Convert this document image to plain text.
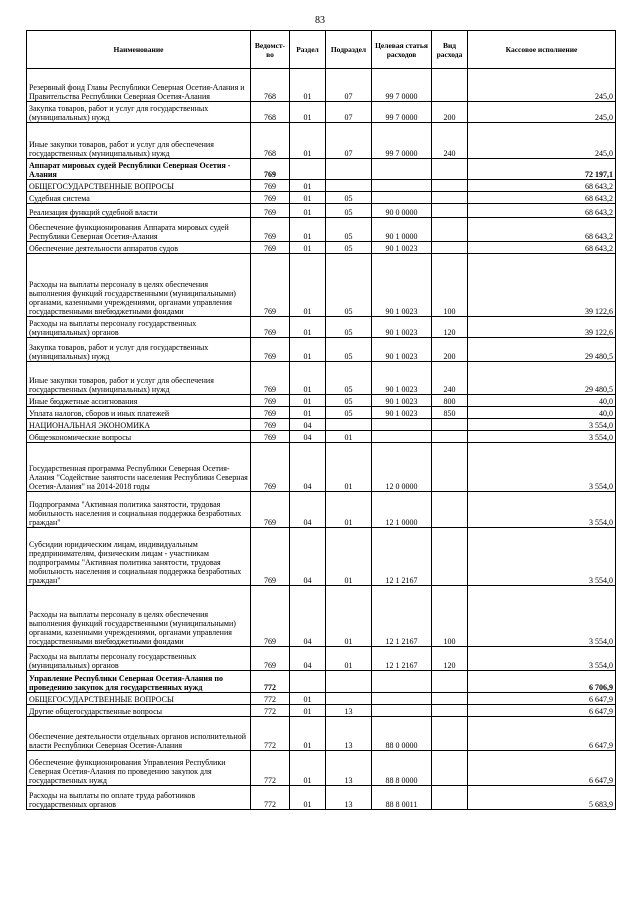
83
Наименование	Ведомст-во	Раздел	Подраздел	Целевая статья расходов	Вид расхода	Кассовое исполнение
Резервный фонд Главы Республики Северная Осетия-Алания и Правительства Республики Северная Осетия-Алания	768	01	07	99 7 0000		245,0
Закупка товаров, работ и услуг для государственных (муниципальных) нужд	768	01	07	99 7 0000	200	245,0
Иные закупки товаров, работ и услуг для обеспечения государственных (муниципальных) нужд	768	01	07	99 7 0000	240	245,0
Аппарат мировых судей Республики Северная Осетия - Алания	769					72 197,1
ОБЩЕГОСУДАРСТВЕННЫЕ ВОПРОСЫ	769	01				68 643,2
Судебная система	769	01	05			68 643,2
Реализация функций судебной власти	769	01	05	90 0 0000		68 643,2
Обеспечение функционирования Аппарата мировых судей Республики Северная Осетия-Алания	769	01	05	90 1 0000		68 643,2
Обеспечение деятельности аппаратов судов	769	01	05	90 1 0023		68 643,2
Расходы на выплаты персоналу в целях обеспечения выполнения функций государственными (муниципальными) органами, казенными учреждениями, органами управления государственными внебюджетными фондами	769	01	05	90 1 0023	100	39 122,6
Расходы на выплаты персоналу государственных (муниципальных) органов	769	01	05	90 1 0023	120	39 122,6
Закупка товаров, работ и услуг для государственных (муниципальных) нужд	769	01	05	90 1 0023	200	29 480,5
Иные закупки товаров, работ и услуг для обеспечения государственных (муниципальных) нужд	769	01	05	90 1 0023	240	29 480,5
Иные бюджетные ассигнования	769	01	05	90 1 0023	800	40,0
Уплата налогов, сборов и иных платежей	769	01	05	90 1 0023	850	40,0
НАЦИОНАЛЬНАЯ ЭКОНОМИКА	769	04				3 554,0
Общеэкономические вопросы	769	04	01			3 554,0
Государственная программа Республики Северная Осетия-Алания "Содействие занятости населения Республики Северная Осетия-Алания" на 2014-2018 годы	769	04	01	12 0 0000		3 554,0
Подпрограмма "Активная политика занятости, трудовая мобильность населения и социальная поддержка безработных граждан"	769	04	01	12 1 0000		3 554,0
Субсидии юридическим лицам, индивидуальным предпринимателям, физическим лицам - участникам подпрограммы "Активная политика занятости, трудовая мобильность населения и социальная поддержка безработных граждан"	769	04	01	12 1 2167		3 554,0
Расходы на выплаты персоналу в целях обеспечения выполнения функций государственными (муниципальными) органами, казенными учреждениями, органами управления государственными внебюджетными фондами	769	04	01	12 1 2167	100	3 554,0
Расходы на выплаты персоналу государственных (муниципальных) органов	769	04	01	12 1 2167	120	3 554,0
Управление Республики Северная Осетия-Алания по проведению закупок для государственных нужд	772					6 706,9
ОБЩЕГОСУДАРСТВЕННЫЕ ВОПРОСЫ	772	01				6 647,9
Другие общегосударственные вопросы	772	01	13			6 647,9
Обеспечение деятельности отдельных органов исполнительной власти Республики Северная Осетия-Алания	772	01	13	88 0 0000		6 647,9
Обеспечение функционирования Управления Республики Северная Осетия-Алания по проведению закупок для государственных нужд	772	01	13	88 8 0000		6 647,9
Расходы на выплаты по оплате труда работников государственных органов	772	01	13	88 8 0011		5 683,9
